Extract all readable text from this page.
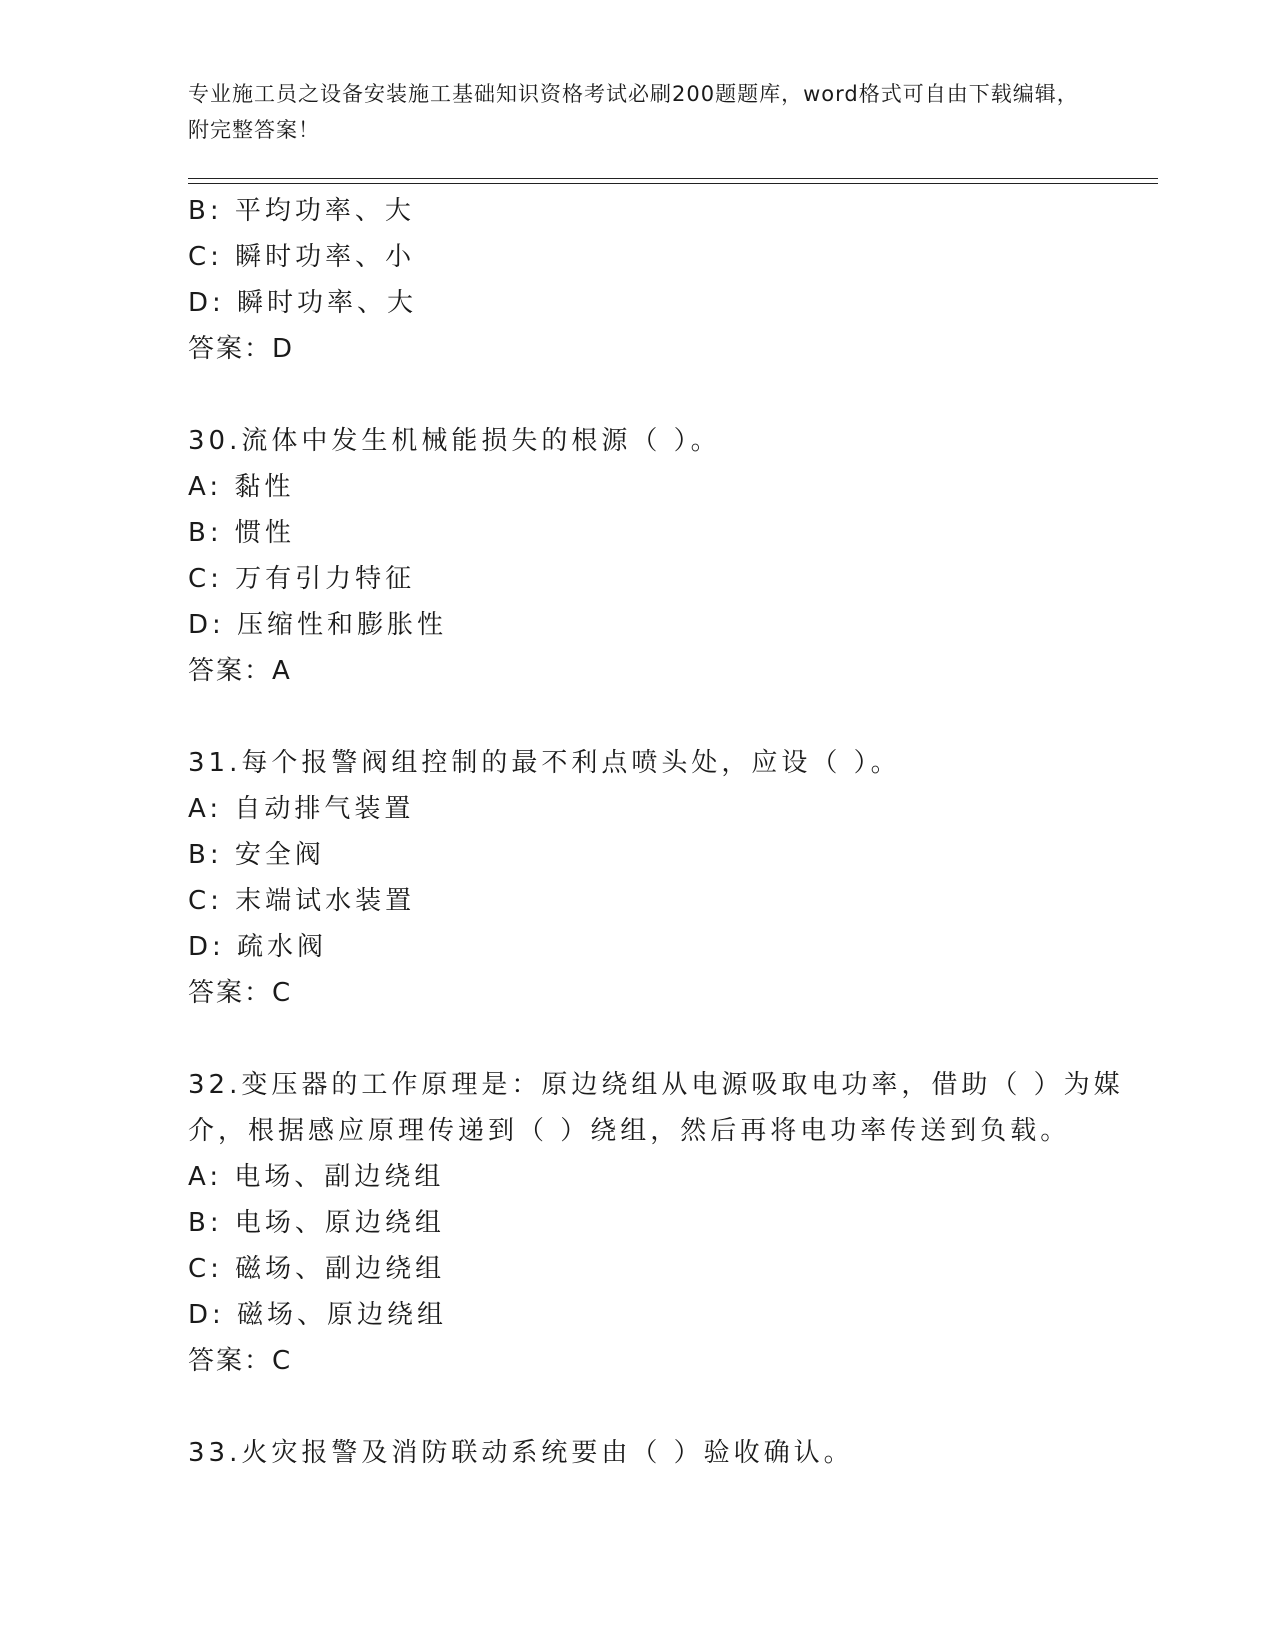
专业施工员之设备安装施工基础知识资格考试必刷200题题库，word格式可自由下载编辑，附完整答案！
B: 平均功率、大
C: 瞬时功率、小
D: 瞬时功率、大
答案：D
30.流体中发生机械能损失的根源（ ）。
A: 黏性
B: 惯性
C: 万有引力特征
D: 压缩性和膨胀性
答案：A
31.每个报警阀组控制的最不利点喷头处，应设（ ）。
A: 自动排气装置
B: 安全阀
C: 末端试水装置
D: 疏水阀
答案：C
32.变压器的工作原理是：原边绕组从电源吸取电功率，借助（ ）为媒介，根据感应原理传递到（ ）绕组，然后再将电功率传送到负载。
A: 电场、副边绕组
B: 电场、原边绕组
C: 磁场、副边绕组
D: 磁场、原边绕组
答案：C
33.火灾报警及消防联动系统要由（ ）验收确认。
